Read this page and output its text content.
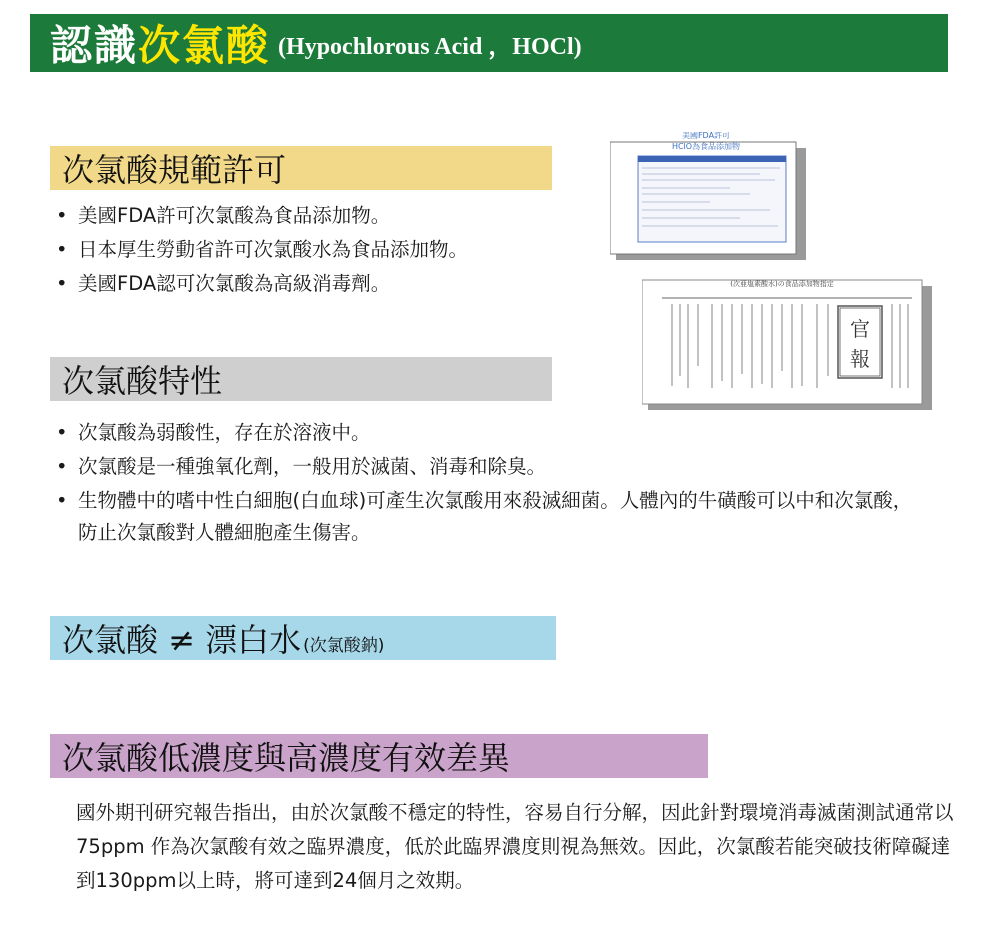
認識 次氯酸 (Hypochlorous Acid ，HOCl)
次氯酸規範許可
• 美國FDA許可次氯酸為食品添加物。
• 日本厚生勞動省許可次氯酸水為食品添加物。
• 美國FDA認可次氯酸為高級消毒劑。
美國FDA許可
HClO為食品添加物
(次亜塩素酸水)の食品添加物指定
官
報
次氯酸特性
• 次氯酸為弱酸性，存在於溶液中。
• 次氯酸是一種強氧化劑，一般用於滅菌、消毒和除臭。
• 生物體中的嗜中性白細胞(白血球)可產生次氯酸用來殺滅細菌。人體內的牛磺酸可以中和次氯酸， 防止次氯酸對人體細胞產生傷害。
次氯酸 ≠ 漂白水 (次氯酸鈉)
次氯酸低濃度與高濃度有效差異

國外期刊研究報告指出，由於次氯酸不穩定的特性，容易自行分解，因此針對環境消毒滅菌測試通常以75ppm 作為次氯酸有效之臨界濃度，低於此臨界濃度則視為無效。因此，次氯酸若能突破技術障礙達到130ppm以上時，將可達到24個月之效期。
